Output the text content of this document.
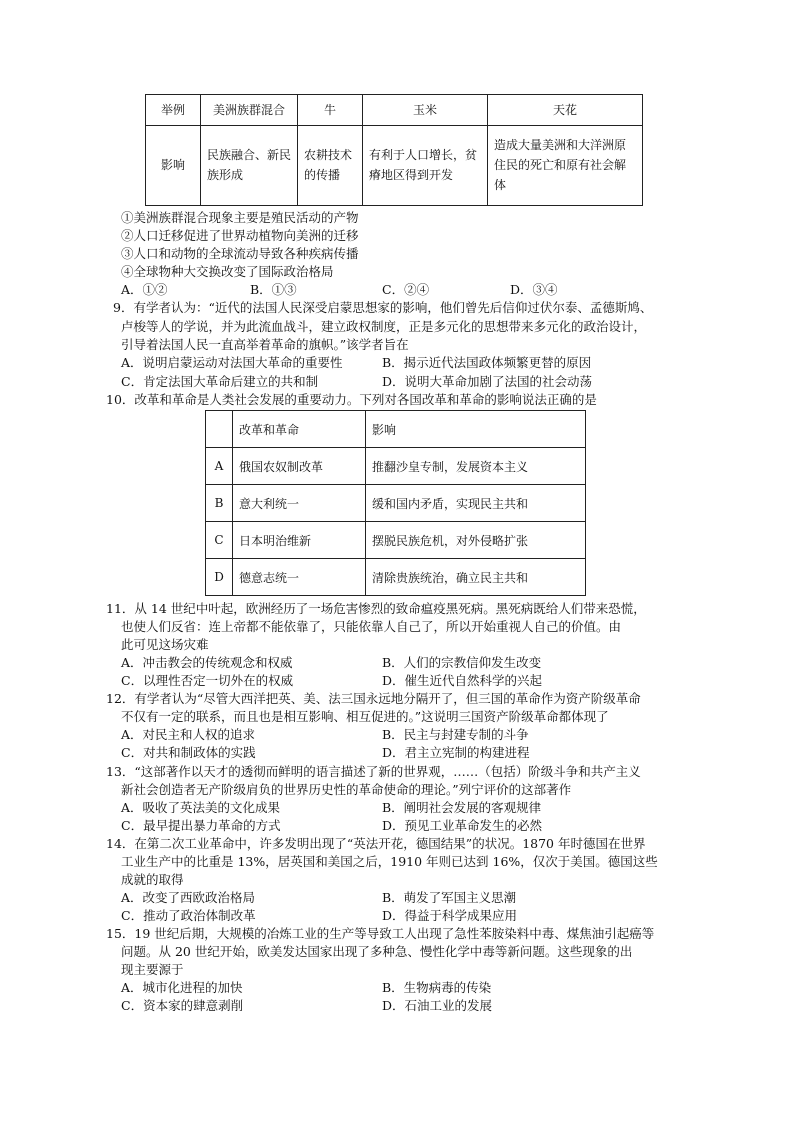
举例	美洲族群混合	牛	玉米	天花
影响	民族融合、新民族形成	农耕技术的传播	有利于人口增长，贫瘠地区得到开发	造成大量美洲和大洋洲原住民的死亡和原有社会解体
①美洲族群混合现象主要是殖民活动的产物
②人口迁移促进了世界动植物向美洲的迁移
③人口和动物的全球流动导致各种疾病传播
④全球物种大交换改变了国际政治格局
A．①②	B．①③	C．②④	D．③④
9．有学者认为：“近代的法国人民深受启蒙思想家的影响，他们曾先后信仰过伏尔泰、孟德斯鸠、
卢梭等人的学说，并为此流血战斗，建立政权制度，正是多元化的思想带来多元化的政治设计，
引导着法国人民一直高举着革命的旗帜。”该学者旨在
A．说明启蒙运动对法国大革命的重要性	B．揭示近代法国政体频繁更替的原因
C．肯定法国大革命后建立的共和制	D．说明大革命加剧了法国的社会动荡
10．改革和革命是人类社会发展的重要动力。下列对各国改革和革命的影响说法正确的是
	改革和革命	影响
A	俄国农奴制改革	推翻沙皇专制，发展资本主义
B	意大利统一	缓和国内矛盾，实现民主共和
C	日本明治维新	摆脱民族危机，对外侵略扩张
D	德意志统一	清除贵族统治，确立民主共和
11．从 14 世纪中叶起，欧洲经历了一场危害惨烈的致命瘟疫黑死病。黑死病既给人们带来恐慌，
也使人们反省：连上帝都不能依靠了，只能依靠人自己了，所以开始重视人自己的价值。由
此可见这场灾难
A．冲击教会的传统观念和权威	B．人们的宗教信仰发生改变
C．以理性否定一切外在的权威	D．催生近代自然科学的兴起
12．有学者认为“尽管大西洋把英、美、法三国永远地分隔开了，但三国的革命作为资产阶级革命
不仅有一定的联系，而且也是相互影响、相互促进的。”这说明三国资产阶级革命都体现了
A．对民主和人权的追求	B．民主与封建专制的斗争
C．对共和制政体的实践	D．君主立宪制的构建进程
13．“这部著作以天才的透彻而鲜明的语言描述了新的世界观，……（包括）阶级斗争和共产主义
新社会创造者无产阶级肩负的世界历史性的革命使命的理论。”列宁评价的这部著作
A．吸收了英法美的文化成果	B．阐明社会发展的客观规律
C．最早提出暴力革命的方式	D．预见工业革命发生的必然
14．在第二次工业革命中，许多发明出现了“英法开花，德国结果”的状况。1870 年时德国在世界
工业生产中的比重是 13%，居英国和美国之后，1910 年则已达到 16%，仅次于美国。德国这些
成就的取得
A．改变了西欧政治格局	B．萌发了军国主义思潮
C．推动了政治体制改革	D．得益于科学成果应用
15．19 世纪后期，大规模的冶炼工业的生产等导致工人出现了急性苯胺染料中毒、煤焦油引起癌等
问题。从 20 世纪开始，欧美发达国家出现了多种急、慢性化学中毒等新问题。这些现象的出
现主要源于
A．城市化进程的加快	B．生物病毒的传染
C．资本家的肆意剥削	D．石油工业的发展
